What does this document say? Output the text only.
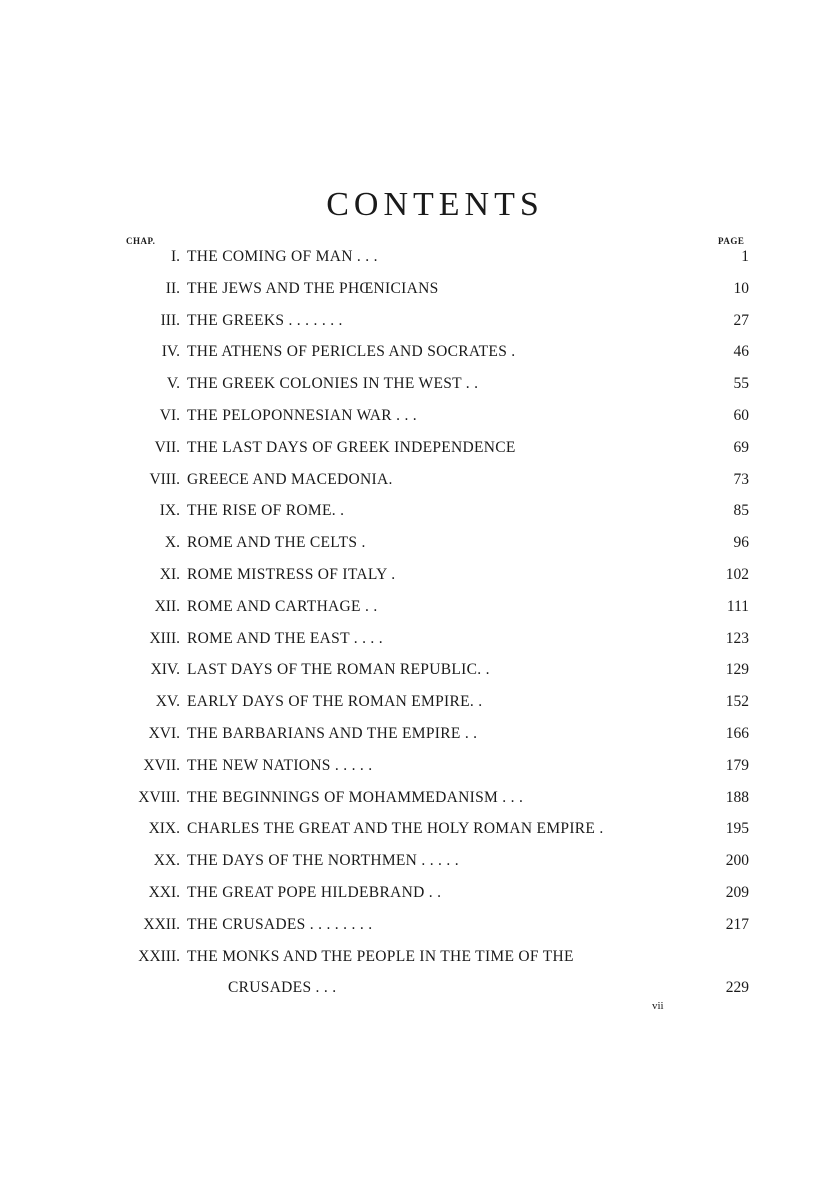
CONTENTS
CHAP.	PAGE
I. THE COMING OF MAN . . .	1
II. THE JEWS AND THE PHŒNICIANS	10
III. THE GREEKS . . . . . . .	27
IV. THE ATHENS OF PERICLES AND SOCRATES .	46
V. THE GREEK COLONIES IN THE WEST . .	55
VI. THE PELOPONNESIAN WAR . . .	60
VII. THE LAST DAYS OF GREEK INDEPENDENCE	69
VIII. GREECE AND MACEDONIA.	73
IX. THE RISE OF ROME. .	85
X. ROME AND THE CELTS .	96
XI. ROME MISTRESS OF ITALY .	102
XII. ROME AND CARTHAGE . .	111
XIII. ROME AND THE EAST . . . .	123
XIV. LAST DAYS OF THE ROMAN REPUBLIC. .	129
XV. EARLY DAYS OF THE ROMAN EMPIRE. .	152
XVI. THE BARBARIANS AND THE EMPIRE . .	166
XVII. THE NEW NATIONS . . . . .	179
XVIII. THE BEGINNINGS OF MOHAMMEDANISM . . .	188
XIX. CHARLES THE GREAT AND THE HOLY ROMAN EMPIRE .	195
XX. THE DAYS OF THE NORTHMEN . . . . .	200
XXI. THE GREAT POPE HILDEBRAND . .	209
XXII. THE CRUSADES . . . . . . . .	217
XXIII. THE MONKS AND THE PEOPLE IN THE TIME OF THE
CRUSADES . . .	229
vii
